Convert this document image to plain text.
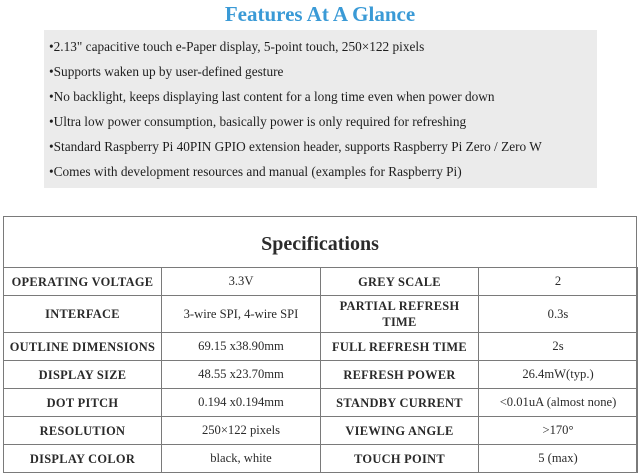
Features At A Glance
•2.13" capacitive touch e-Paper display, 5-point touch, 250×122 pixels
•Supports waken up by user-defined gesture
•No backlight, keeps displaying last content for a long time even when power down
•Ultra low power consumption, basically power is only required for refreshing
•Standard Raspberry Pi 40PIN GPIO extension header, supports Raspberry Pi Zero / Zero W
•Comes with development resources and manual (examples for Raspberry Pi)
Specifications
OPERATING VOLTAGE	3.3V	GREY SCALE	2
INTERFACE	3-wire SPI, 4-wire SPI	PARTIAL REFRESH TIME	0.3s
OUTLINE DIMENSIONS	69.15 x38.90mm	FULL REFRESH TIME	2s
DISPLAY SIZE	48.55 x23.70mm	REFRESH POWER	26.4mW(typ.)
DOT PITCH	0.194 x0.194mm	STANDBY CURRENT	<0.01uA (almost none)
RESOLUTION	250×122 pixels	VIEWING ANGLE	>170°
DISPLAY COLOR	black, white	TOUCH POINT	5 (max)
